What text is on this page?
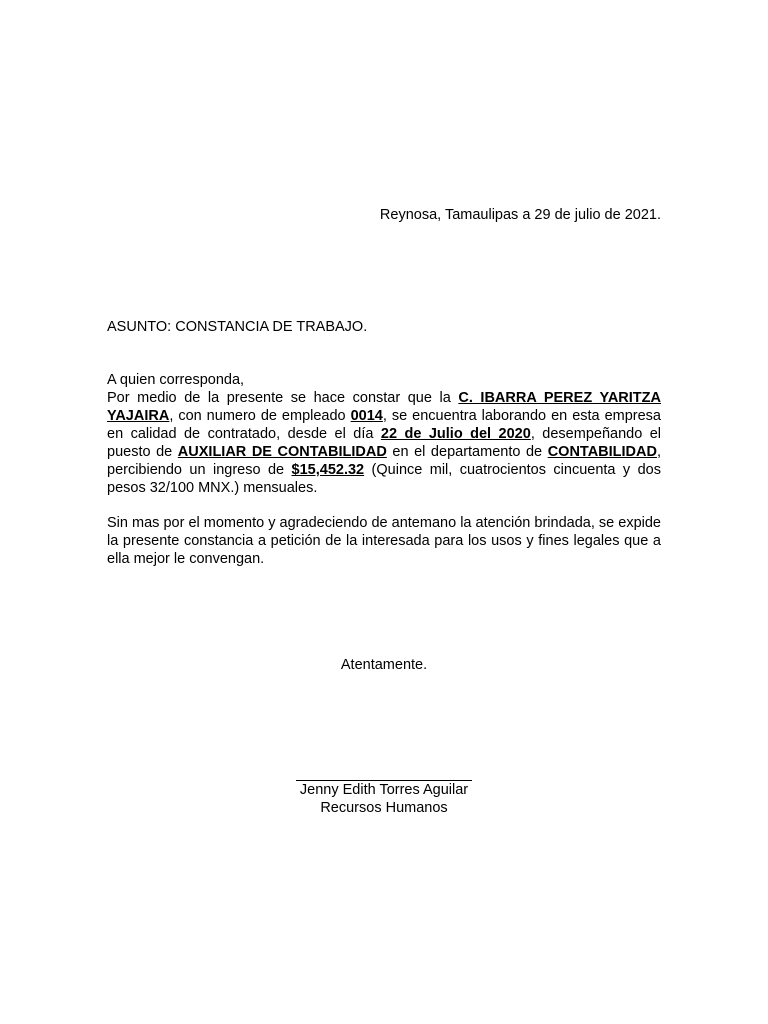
Reynosa, Tamaulipas a 29 de julio de 2021.
ASUNTO: CONSTANCIA DE TRABAJO.
A quien corresponda,

Por medio de la presente se hace constar que la C. IBARRA PEREZ YARITZA YAJAIRA, con numero de empleado 0014, se encuentra laborando en esta empresa en calidad de contratado, desde el día 22 de Julio del 2020, desempeñando el puesto de AUXILIAR DE CONTABILIDAD en el departamento de CONTABILIDAD, percibiendo un ingreso de $15,452.32 (Quince mil, cuatrocientos cincuenta y dos pesos 32/100 MNX.) mensuales.

Sin mas por el momento y agradeciendo de antemano la atención brindada, se expide la presente constancia a petición de la interesada para los usos y fines legales que a ella mejor le convengan.

Atentamente.
Jenny Edith Torres Aguilar
Recursos Humanos
